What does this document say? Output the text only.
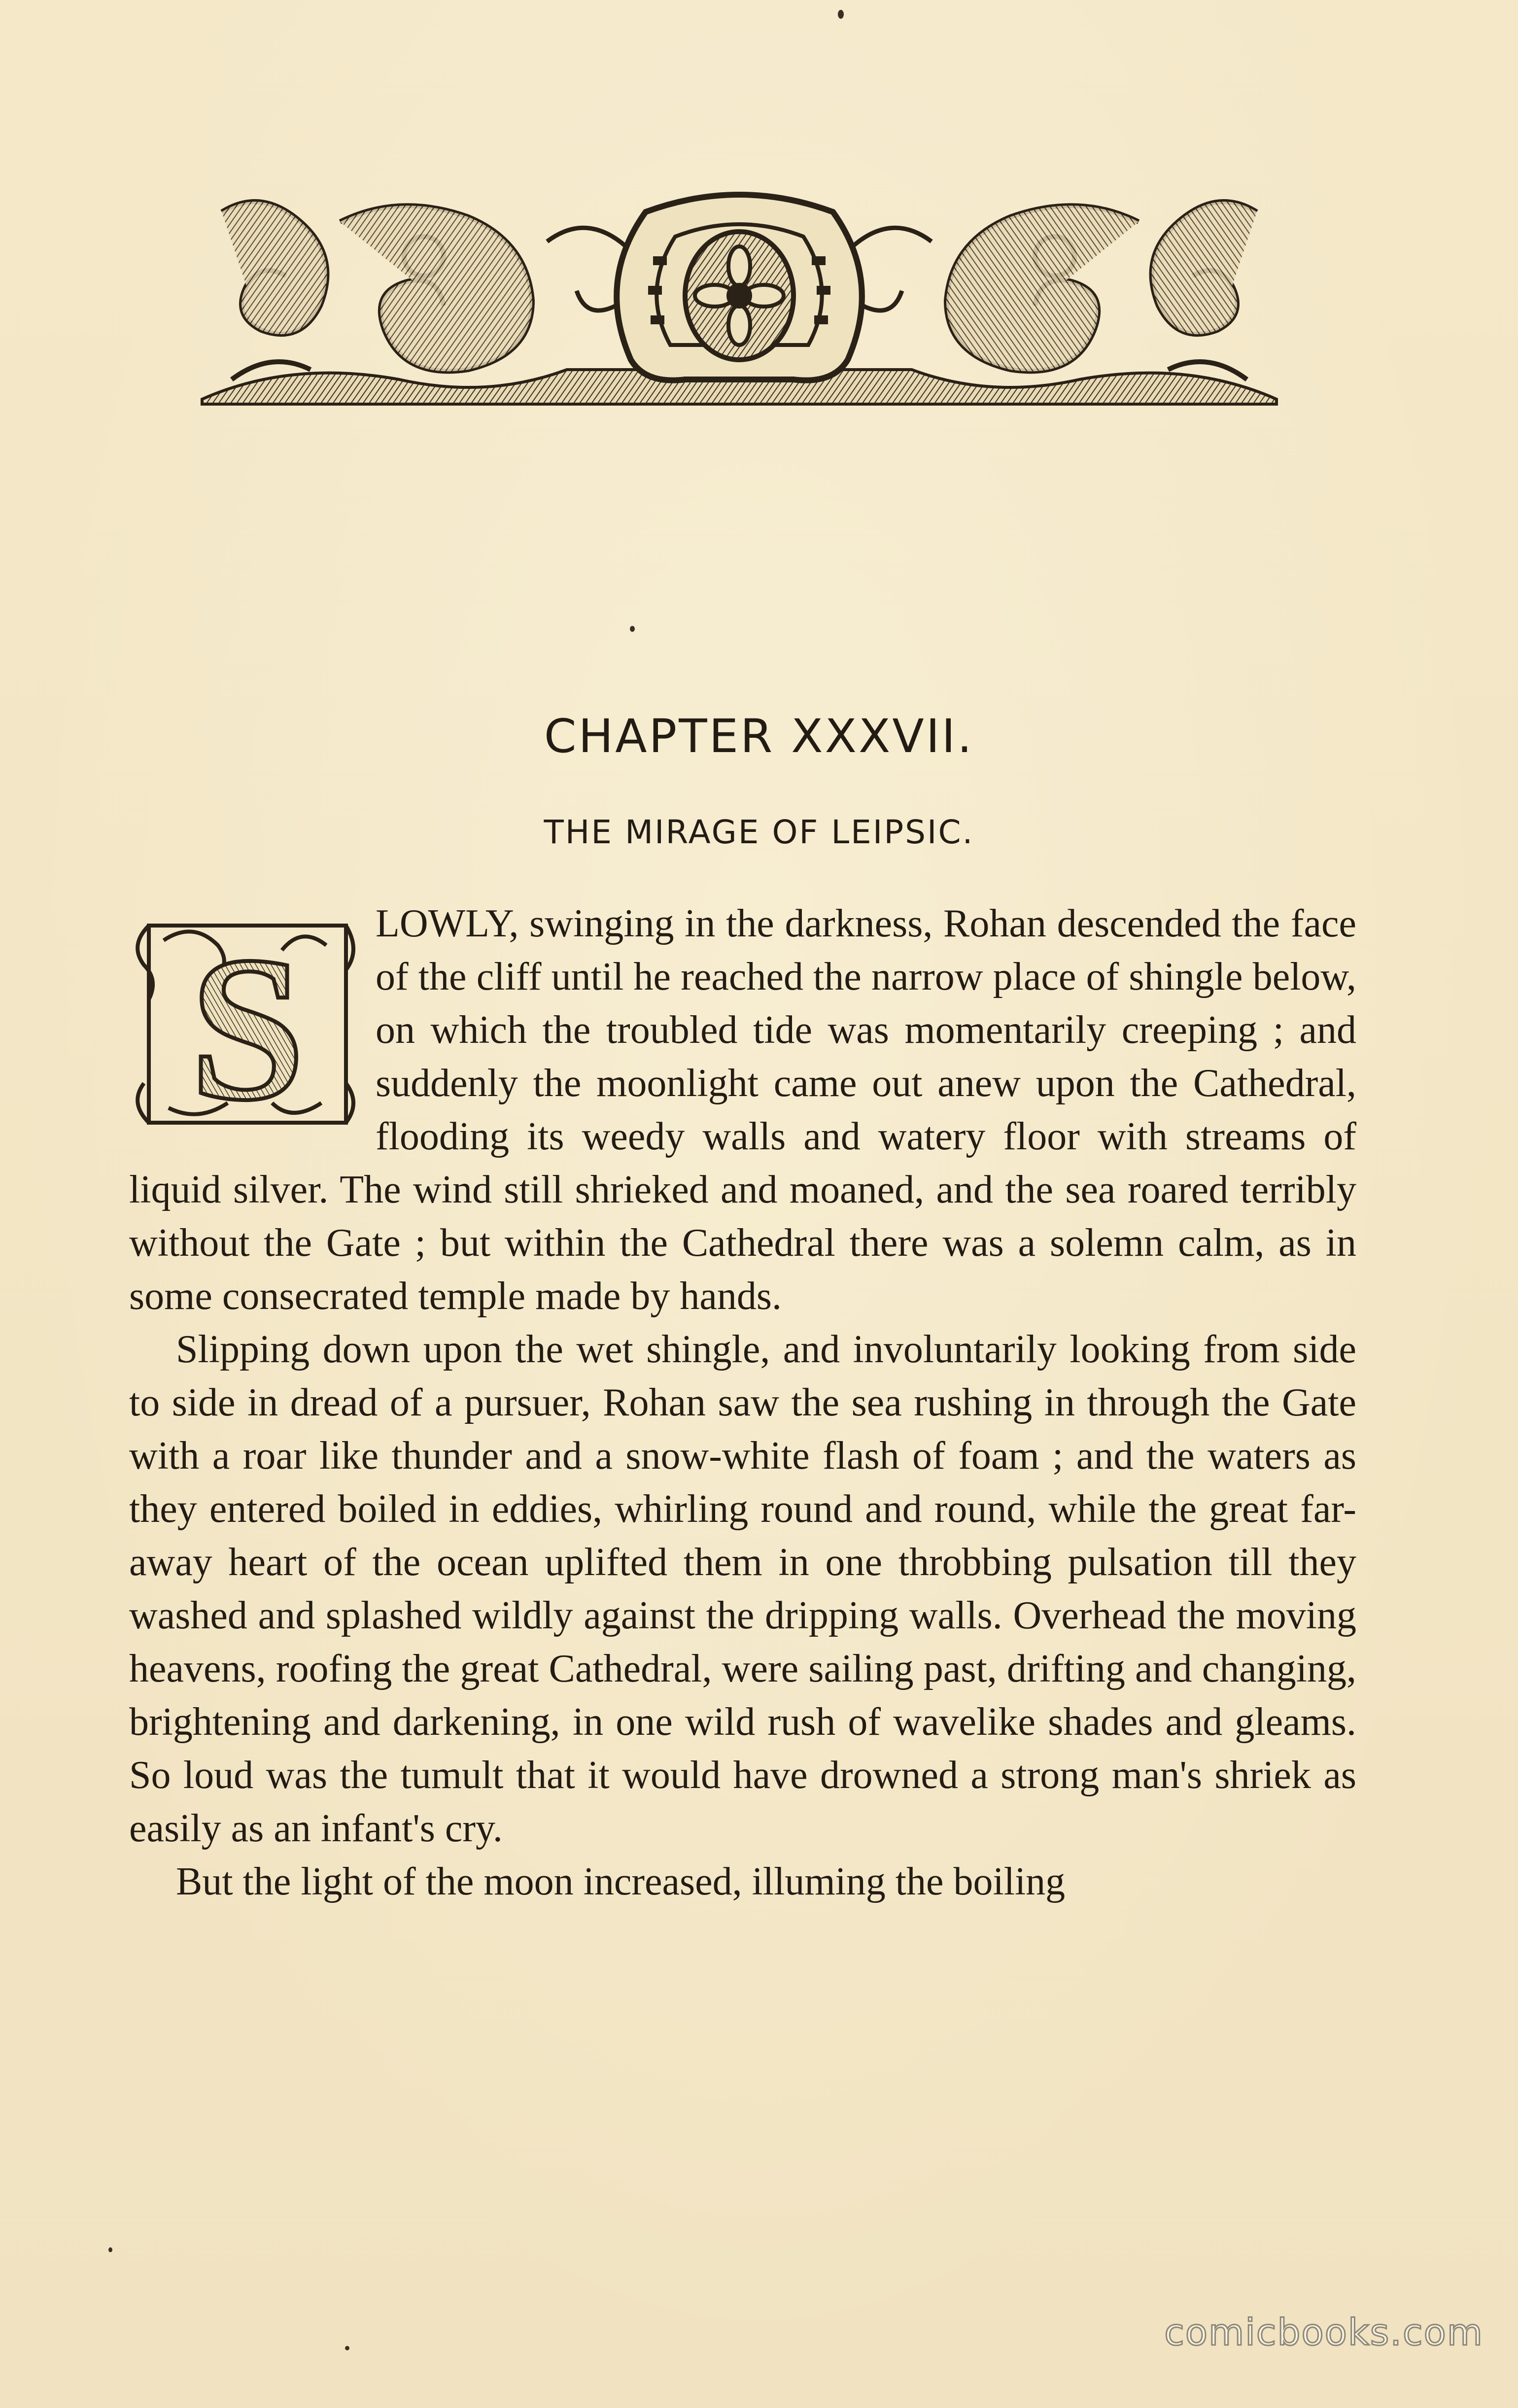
CHAPTER XXXVII.
THE MIRAGE OF LEIPSIC.
S	LOWLY, swinging in the darkness, Rohan descended the face of the cliff until he reached the narrow place of shingle below, on which the troubled tide was momentarily creeping ; and suddenly the moonlight came out anew upon the Cathedral, flooding its weedy walls and watery floor with streams of liquid silver. The wind still shrieked and moaned, and the sea roared terribly without the Gate ; but within the Cathedral there was a solemn calm, as in some consecrated temple made by hands.

Slipping down upon the wet shingle, and involuntarily looking from side to side in dread of a pursuer, Rohan saw the sea rushing in through the Gate with a roar like thunder and a snow-white flash of foam ; and the waters as they entered boiled in eddies, whirling round and round, while the great far-away heart of the ocean uplifted them in one throbbing pulsation till they washed and splashed wildly against the dripping walls. Overhead the moving heavens, roofing the great Cathedral, were sailing past, drifting and changing, brightening and darkening, in one wild rush of wavelike shades and gleams. So loud was the tumult that it would have drowned a strong man's shriek as easily as an infant's cry.

But the light of the moon increased, illuming the boiling

comicbooks.com
